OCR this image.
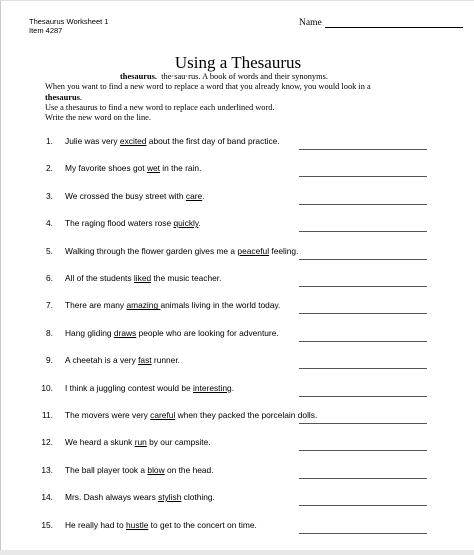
Thesaurus Worksheet 1
Item 4287
Name
Using a Thesaurus
thesaurus. the·sau·rus. A book of words and their synonyms.
When you want to find a new word to replace a word that you already know, you would look in a
thesaurus.
Use a thesaurus to find a new word to replace each underlined word.
Write the new word on the line.
1. Julie was very excited about the first day of band practice.
2. My favorite shoes got wet in the rain.
3. We crossed the busy street with care.
4. The raging flood waters rose quickly.
5. Walking through the flower garden gives me a peaceful feeling.
6. All of the students liked the music teacher.
7. There are many amazing animals living in the world today.
8. Hang gliding draws people who are looking for adventure.
9. A cheetah is a very fast runner.
10. I think a juggling contest would be interesting.
11. The movers were very careful when they packed the porcelain dolls.
12. We heard a skunk run by our campsite.
13. The ball player took a blow on the head.
14. Mrs. Dash always wears stylish clothing.
15. He really had to hustle to get to the concert on time.
